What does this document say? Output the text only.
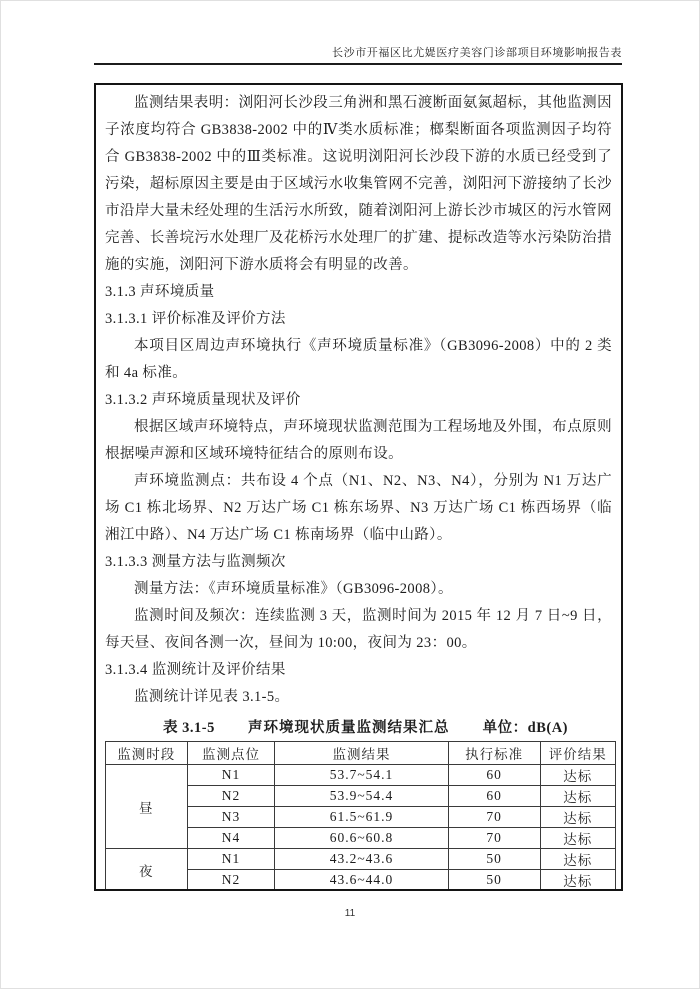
长沙市开福区比尤媞医疗美容门诊部项目环境影响报告表

监测结果表明：浏阳河长沙段三角洲和黑石渡断面氨氮超标，其他监测因子浓度均符合 GB3838-2002 中的Ⅳ类水质标准；榔梨断面各项监测因子均符合 GB3838-2002 中的Ⅲ类标准。这说明浏阳河长沙段下游的水质已经受到了污染，超标原因主要是由于区域污水收集管网不完善，浏阳河下游接纳了长沙市沿岸大量未经处理的生活污水所致，随着浏阳河上游长沙市城区的污水管网完善、长善垸污水处理厂及花桥污水处理厂的扩建、提标改造等水污染防治措施的实施，浏阳河下游水质将会有明显的改善。

3.1.3 声环境质量

3.1.3.1 评价标准及评价方法

本项目区周边声环境执行《声环境质量标准》（GB3096-2008）中的 2 类和 4a 标准。

3.1.3.2 声环境质量现状及评价

根据区域声环境特点，声环境现状监测范围为工程场地及外围，布点原则根据噪声源和区域环境特征结合的原则布设。

声环境监测点：共布设 4 个点（N1、N2、N3、N4），分别为 N1 万达广场 C1 栋北场界、N2 万达广场 C1 栋东场界、N3 万达广场 C1 栋西场界（临湘江中路）、N4 万达广场 C1 栋南场界（临中山路）。

3.1.3.3 测量方法与监测频次

测量方法：《声环境质量标准》（GB3096-2008）。

监测时间及频次：连续监测 3 天，监测时间为 2015 年 12 月 7 日~9 日，每天昼、夜间各测一次，昼间为 10:00，夜间为 23：00。

3.1.3.4 监测统计及评价结果

监测统计详见表 3.1-5。

表 3.1-5 声环境现状质量监测结果汇总 单位：dB(A)
监测时段	监测点位	监测结果	执行标准	评价结果
昼	N1	53.7~54.1	60	达标
	N2	53.9~54.4	60	达标
	N3	61.5~61.9	70	达标
	N4	60.6~60.8	70	达标
夜	N1	43.2~43.6	50	达标
	N2	43.6~44.0	50	达标
11
